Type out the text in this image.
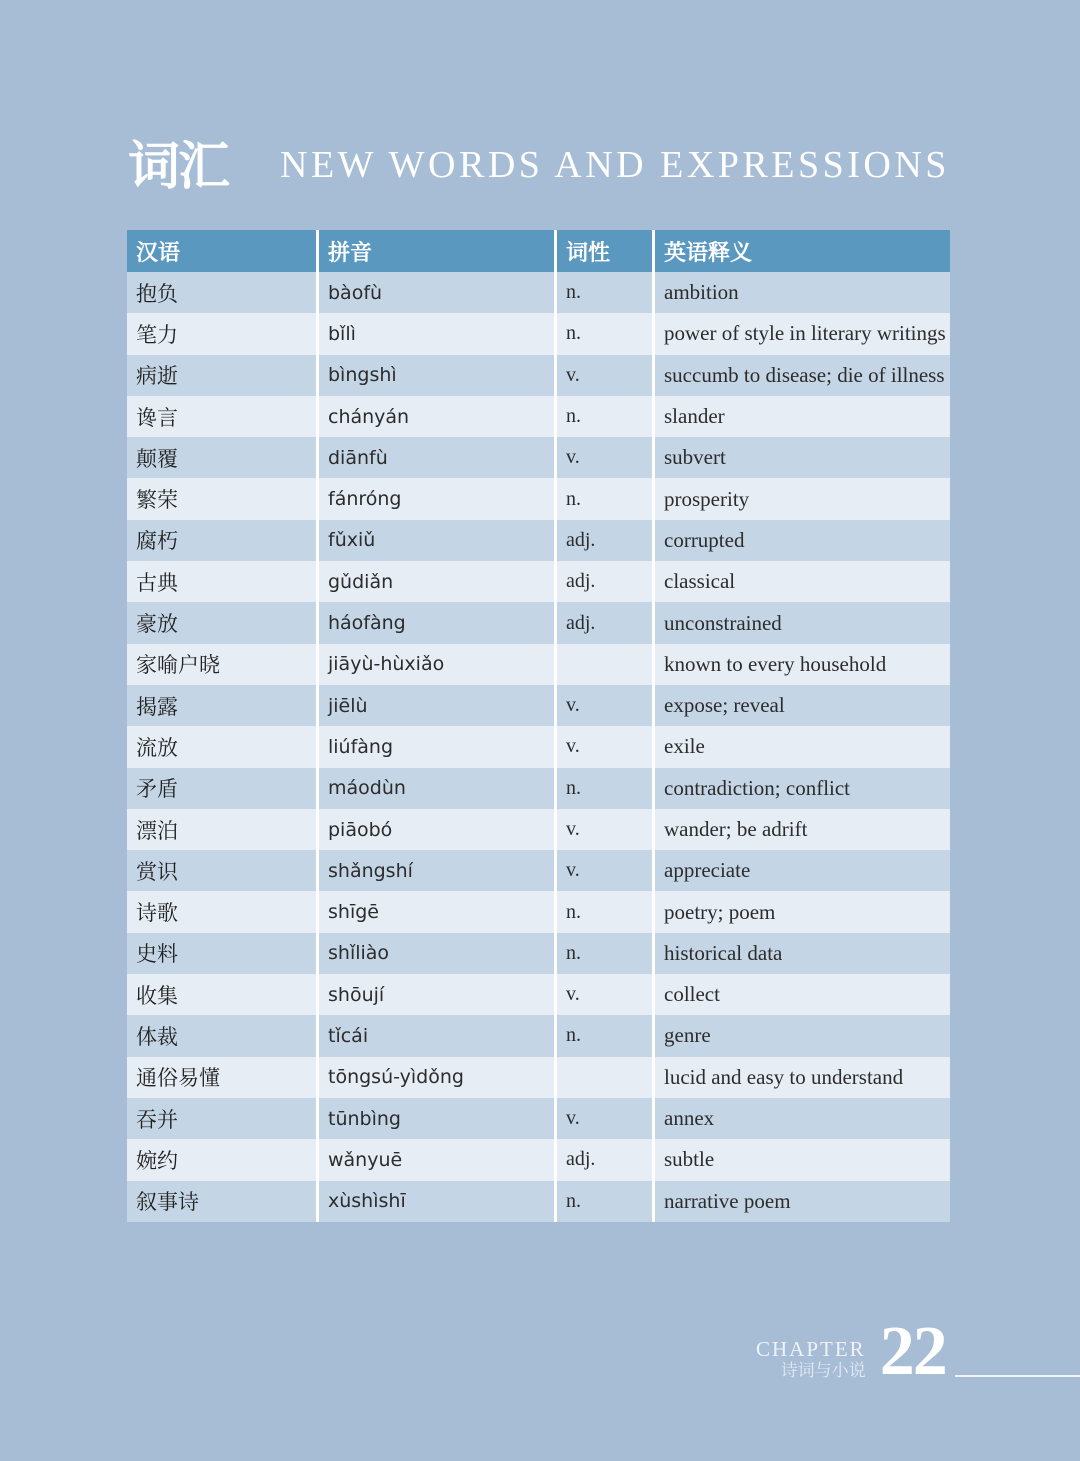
词汇 NEW WORDS AND EXPRESSIONS
汉语	拼音	词性	英语释义
抱负	bàofù	n.	ambition
笔力	bǐlì	n.	power of style in literary writings
病逝	bìngshì	v.	succumb to disease; die of illness
谗言	chányán	n.	slander
颠覆	diānfù	v.	subvert
繁荣	fánróng	n.	prosperity
腐朽	fǔxiǔ	adj.	corrupted
古典	gǔdiǎn	adj.	classical
豪放	háofàng	adj.	unconstrained
家喻户晓	jiāyù-hùxiǎo		known to every household
揭露	jiēlù	v.	expose; reveal
流放	liúfàng	v.	exile
矛盾	máodùn	n.	contradiction; conflict
漂泊	piāobó	v.	wander; be adrift
赏识	shǎngshí	v.	appreciate
诗歌	shīgē	n.	poetry; poem
史料	shǐliào	n.	historical data
收集	shōují	v.	collect
体裁	tǐcái	n.	genre
通俗易懂	tōngsú-yìdǒng		lucid and easy to understand
吞并	tūnbìng	v.	annex
婉约	wǎnyuē	adj.	subtle
叙事诗	xùshìshī	n.	narrative poem
CHAPTER
诗词与小说 22
